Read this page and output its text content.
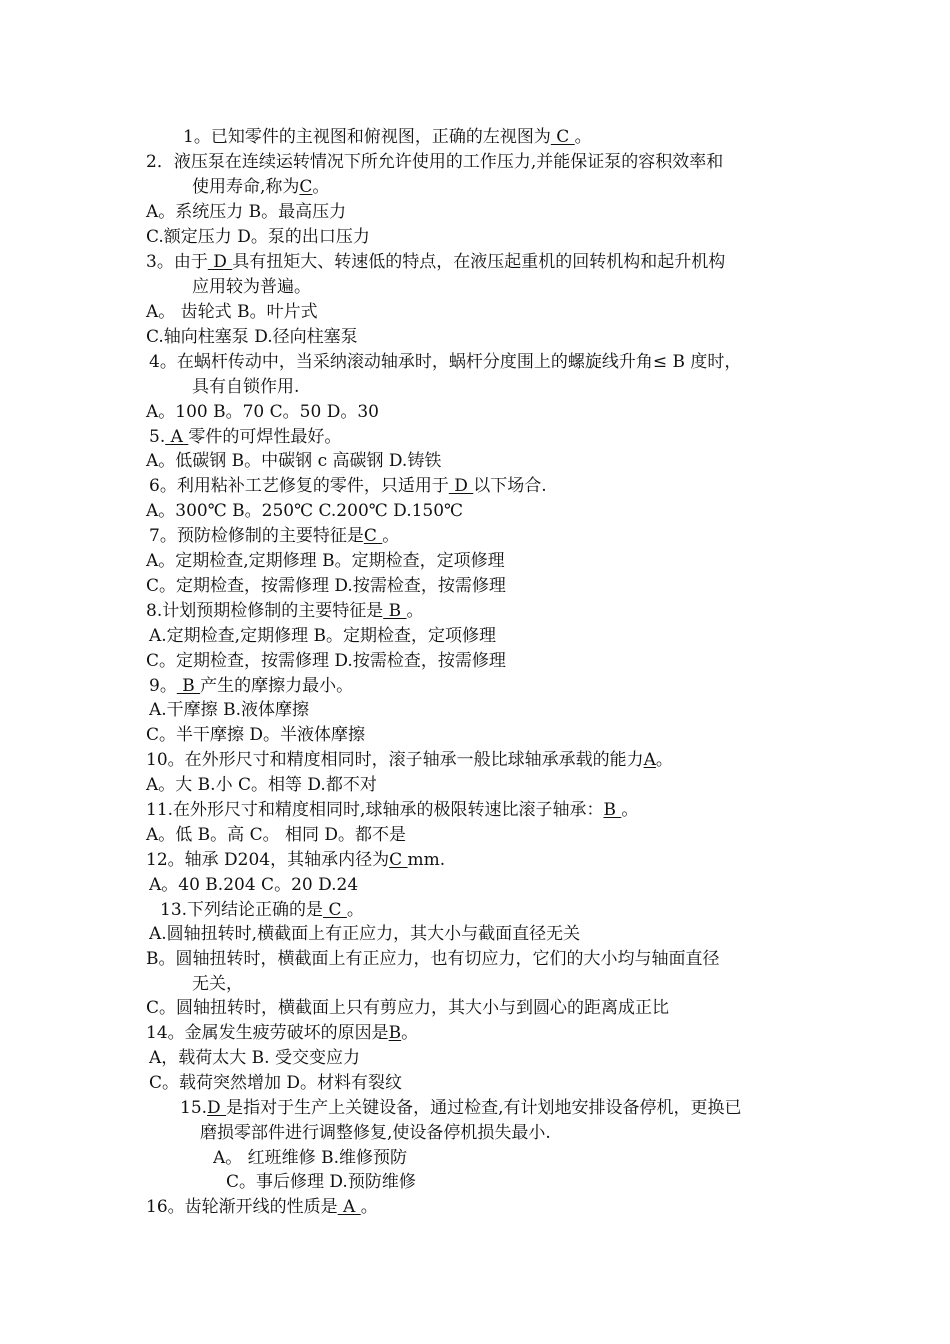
1。已知零件的主视图和俯视图，正确的左视图为 C 。
2．液压泵在连续运转情况下所允许使用的工作压力,并能保证泵的容积效率和
使用寿命,称为C。
A。系统压力 B。最高压力
C.额定压力 D。泵的出口压力
3。由于 D 具有扭矩大、转速低的特点，在液压起重机的回转机构和起升机构
应用较为普遍。
A。 齿轮式 B。叶片式
C.轴向柱塞泵 D.径向柱塞泵
4。在蜗杆传动中，当采纳滚动轴承时，蜗杆分度围上的螺旋线升角≤ B 度时，
具有自锁作用.
A。100 B。70 C。50 D。30
5. A 零件的可焊性最好。
A。低碳钢 B。中碳钢 c 高碳钢 D.铸铁
6。利用粘补工艺修复的零件，只适用于 D 以下场合.
A。300℃ B。250℃ C.200℃ D.150℃
7。预防检修制的主要特征是C 。
A。定期检查,定期修理 B。定期检查，定项修理
C。定期检查，按需修理 D.按需检查，按需修理
8.计划预期检修制的主要特征是 B 。
A.定期检查,定期修理 B。定期检查，定项修理
C。定期检查，按需修理 D.按需检查，按需修理
9。 B 产生的摩擦力最小。
A.干摩擦 B.液体摩擦
C。半干摩擦 D。半液体摩擦
10。在外形尺寸和精度相同时，滚子轴承一般比球轴承承载的能力A。
A。大 B.小 C。相等 D.都不对
11.在外形尺寸和精度相同时,球轴承的极限转速比滚子轴承：B 。
A。低 B。高 C。 相同 D。都不是
12。轴承 D204，其轴承内径为C mm.
A。40 B.204 C。20 D.24
13.下列结论正确的是 C 。
A.圆轴扭转时,横截面上有正应力，其大小与截面直径无关
B。圆轴扭转时，横截面上有正应力，也有切应力，它们的大小均与轴面直径
无关，
C。圆轴扭转时，横截面上只有剪应力，其大小与到圆心的距离成正比
14。金属发生疲劳破坏的原因是B。
A，载荷太大 B. 受交变应力
C。载荷突然增加 D。材料有裂纹
15.D 是指对于生产上关键设备，通过检查,有计划地安排设备停机，更换已
磨损零部件进行调整修复,使设备停机损失最小.
A。 红班维修 B.维修预防
C。事后修理 D.预防维修
16。齿轮渐开线的性质是 A 。
